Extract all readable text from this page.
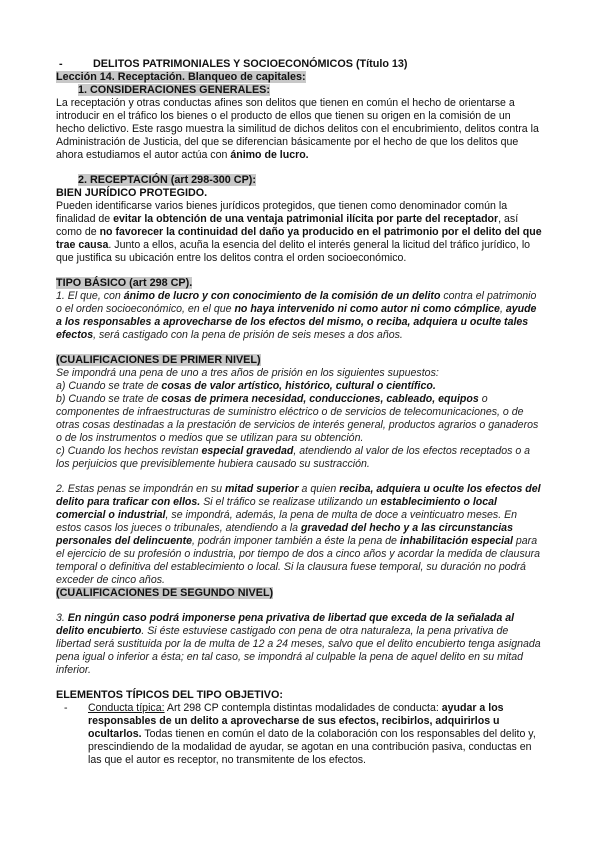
-	DELITOS PATRIMONIALES Y SOCIOECONÓMICOS (Título 13)
Lección 14. Receptación. Blanqueo de capitales:
1. CONSIDERACIONES GENERALES:

La receptación y otras conductas afines son delitos que tienen en común el hecho de orientarse a introducir en el tráfico los bienes o el producto de ellos que tienen su origen en la comisión de un hecho delictivo. Este rasgo muestra la similitud de dichos delitos con el encubrimiento, delitos contra la Administración de Justicia, del que se diferencian básicamente por el hecho de que los delitos que ahora estudiamos el autor actúa con ánimo de lucro.

2. RECEPTACIÓN (art 298-300 CP):
BIEN JURÍDICO PROTEGIDO.

Pueden identificarse varios bienes jurídicos protegidos, que tienen como denominador común la finalidad de evitar la obtención de una ventaja patrimonial ilícita por parte del receptador, así como de no favorecer la continuidad del daño ya producido en el patrimonio por el delito del que trae causa. Junto a ellos, acuña la esencia del delito el interés general la licitud del tráfico jurídico, lo que justifica su ubicación entre los delitos contra el orden socioeconómico.

TIPO BÁSICO (art 298 CP).

1. El que, con ánimo de lucro y con conocimiento de la comisión de un delito contra el patrimonio o el orden socioeconómico, en el que no haya intervenido ni como autor ni como cómplice, ayude a los responsables a aprovecharse de los efectos del mismo, o reciba, adquiera u oculte tales efectos, será castigado con la pena de prisión de seis meses a dos años.

(CUALIFICACIONES DE PRIMER NIVEL)

Se impondrá una pena de uno a tres años de prisión en los siguientes supuestos:

a) Cuando se trate de cosas de valor artístico, histórico, cultural o científico.

b) Cuando se trate de cosas de primera necesidad, conducciones, cableado, equipos o componentes de infraestructuras de suministro eléctrico o de servicios de telecomunicaciones, o de otras cosas destinadas a la prestación de servicios de interés general, productos agrarios o ganaderos o de los instrumentos o medios que se utilizan para su obtención.

c) Cuando los hechos revistan especial gravedad, atendiendo al valor de los efectos receptados o a los perjuicios que previsiblemente hubiera causado su sustracción.

2. Estas penas se impondrán en su mitad superior a quien reciba, adquiera u oculte los efectos del delito para traficar con ellos. Si el tráfico se realizase utilizando un establecimiento o local comercial o industrial, se impondrá, además, la pena de multa de doce a veinticuatro meses. En estos casos los jueces o tribunales, atendiendo a la gravedad del hecho y a las circunstancias personales del delincuente, podrán imponer también a éste la pena de inhabilitación especial para el ejercicio de su profesión o industria, por tiempo de dos a cinco años y acordar la medida de clausura temporal o definitiva del establecimiento o local. Si la clausura fuese temporal, su duración no podrá exceder de cinco años.

(CUALIFICACIONES DE SEGUNDO NIVEL)

3. En ningún caso podrá imponerse pena privativa de libertad que exceda de la señalada al delito encubierto. Si éste estuviese castigado con pena de otra naturaleza, la pena privativa de libertad será sustituida por la de multa de 12 a 24 meses, salvo que el delito encubierto tenga asignada pena igual o inferior a ésta; en tal caso, se impondrá al culpable la pena de aquel delito en su mitad inferior.

ELEMENTOS TÍPICOS DEL TIPO OBJETIVO:
-	Conducta típica: Art 298 CP contempla distintas modalidades de conducta: ayudar a los responsables de un delito a aprovecharse de sus efectos, recibirlos, adquirirlos u ocultarlos. Todas tienen en común el dato de la colaboración con los responsables del delito y, prescindiendo de la modalidad de ayudar, se agotan en una contribución pasiva, conductas en las que el autor es receptor, no transmitente de los efectos.
